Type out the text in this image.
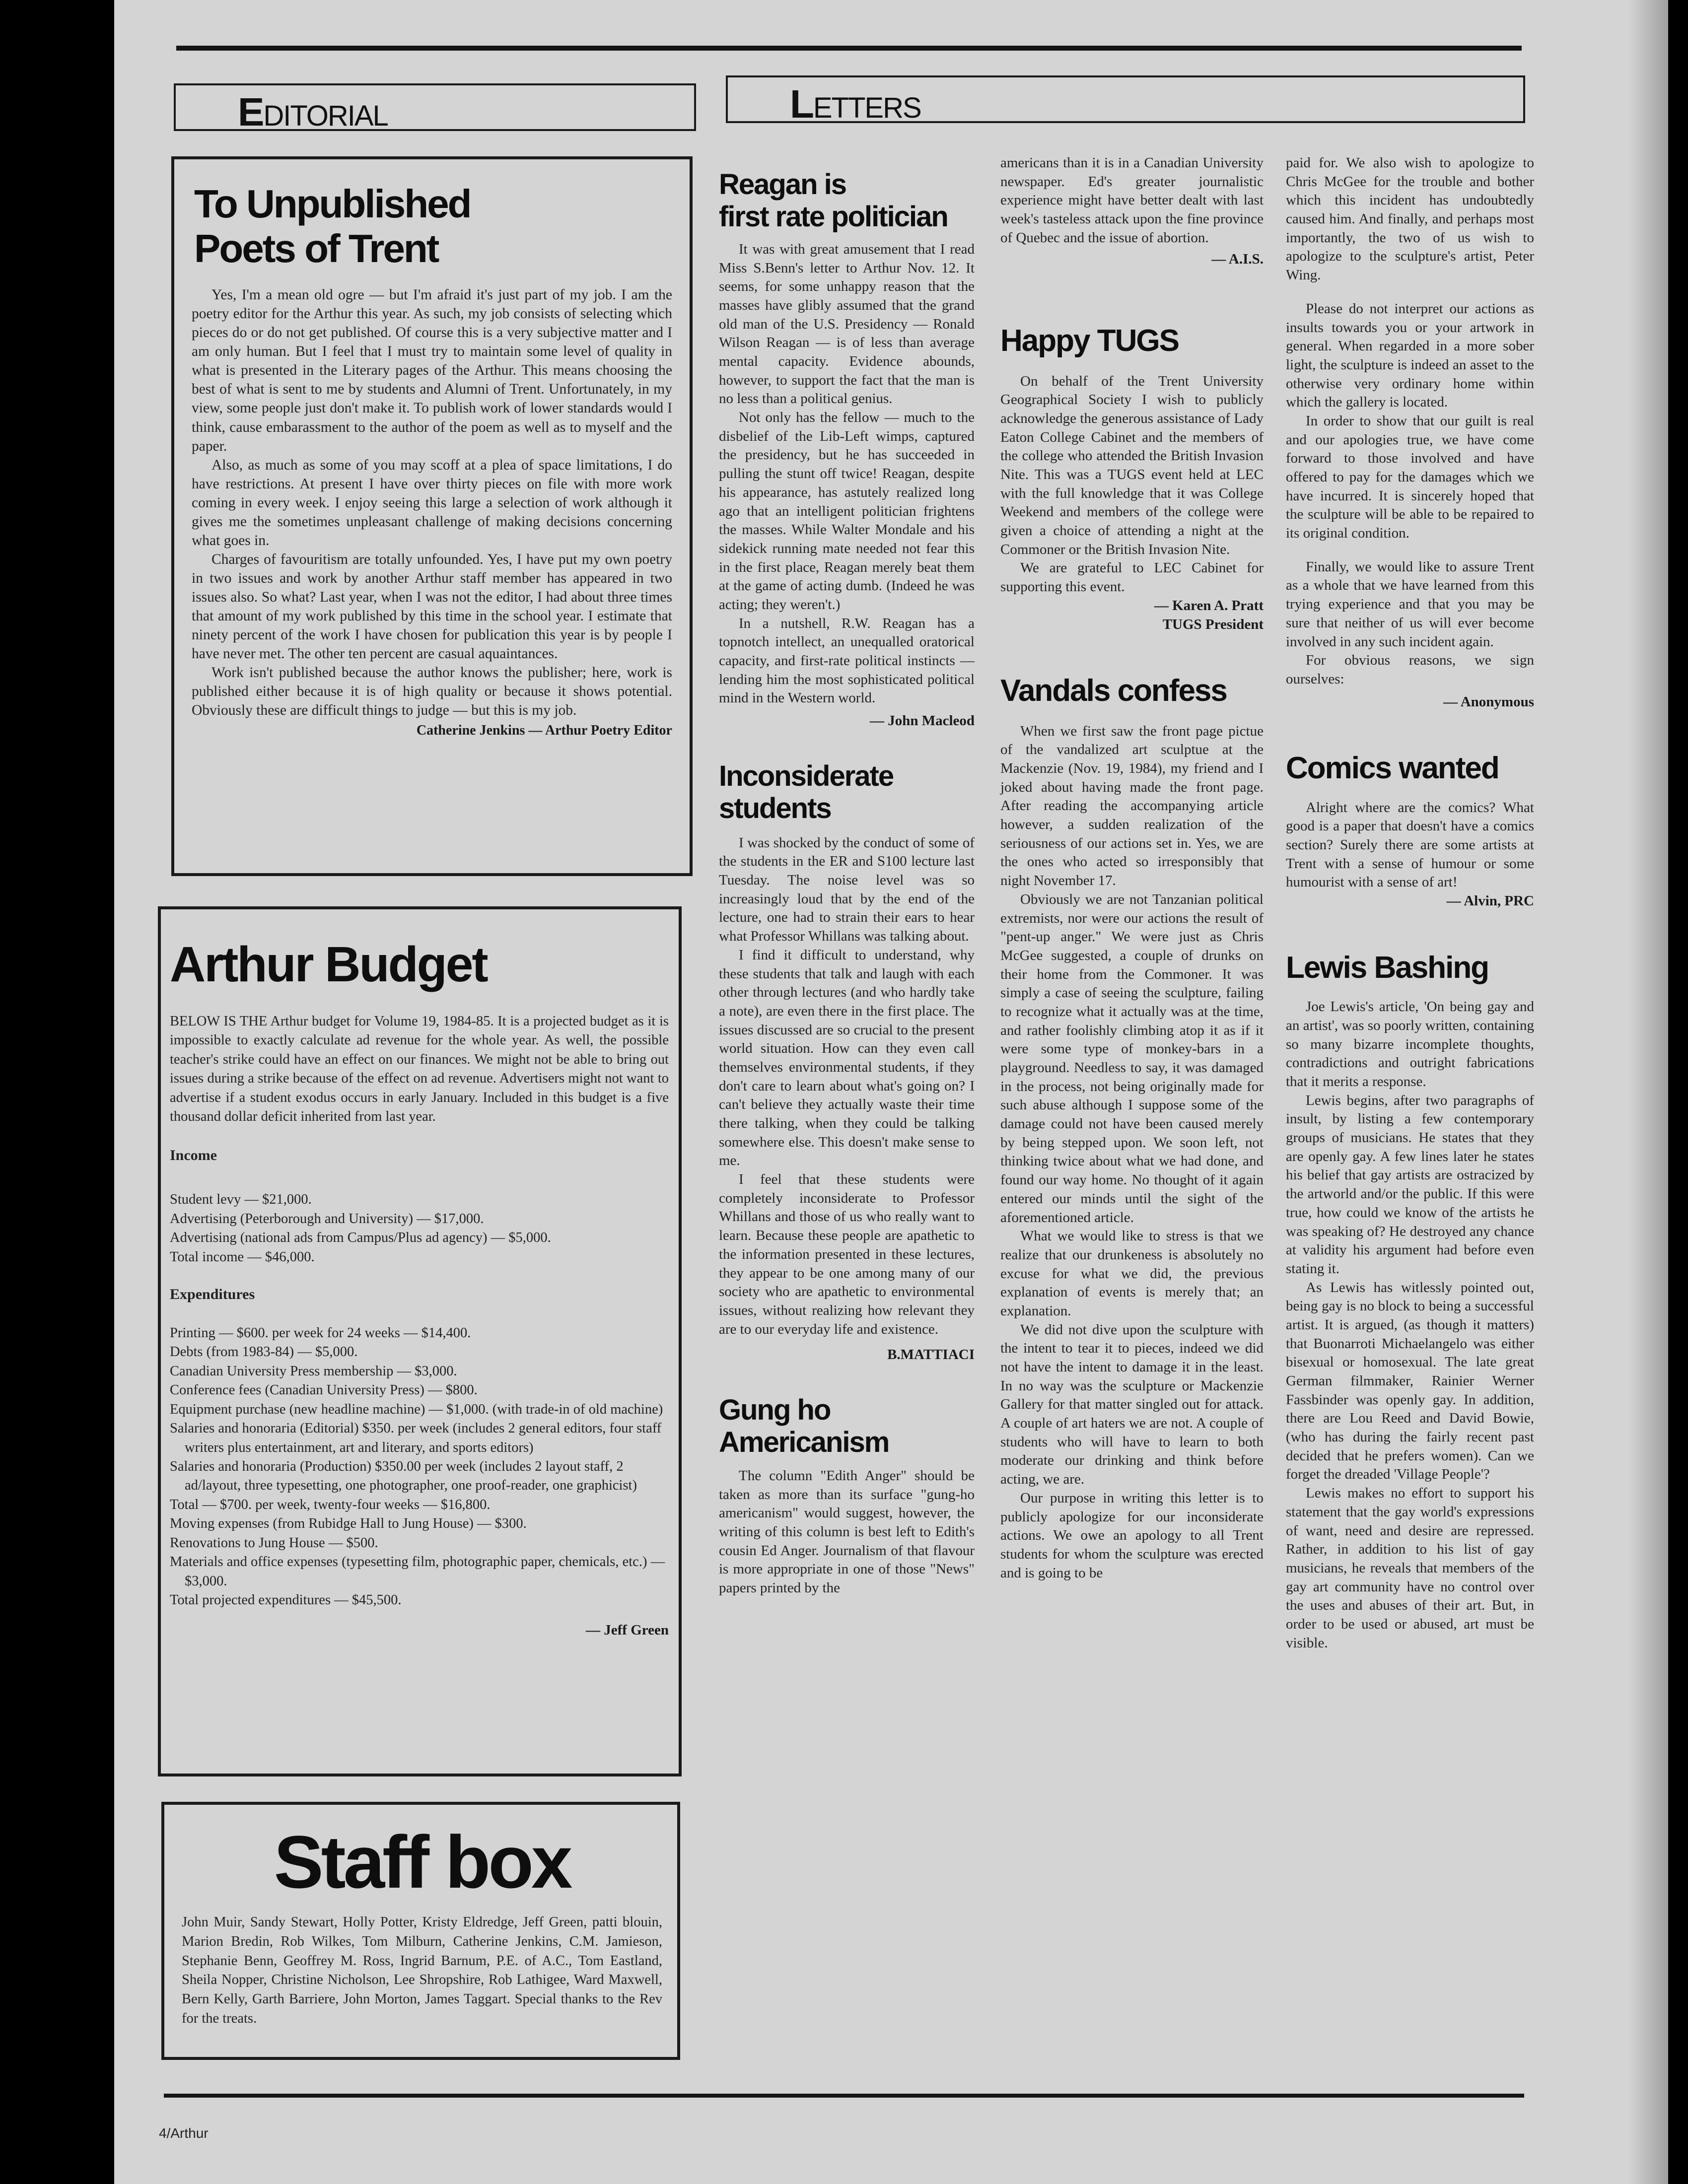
EDITORIAL	LETTERS
To Unpublished
Poets of Trent

Yes, I'm a mean old ogre — but I'm afraid it's just part of my job. I am the poetry editor for the Arthur this year. As such, my job consists of selecting which pieces do or do not get published. Of course this is a very subjective matter and I am only human. But I feel that I must try to maintain some level of quality in what is presented in the Literary pages of the Arthur. This means choosing the best of what is sent to me by students and Alumni of Trent. Unfortunately, in my view, some people just don't make it. To publish work of lower standards would I think, cause embarassment to the author of the poem as well as to myself and the paper.

Also, as much as some of you may scoff at a plea of space limitations, I do have restrictions. At present I have over thirty pieces on file with more work coming in every week. I enjoy seeing this large a selection of work although it gives me the sometimes unpleasant challenge of making decisions concerning what goes in.

Charges of favouritism are totally unfounded. Yes, I have put my own poetry in two issues and work by another Arthur staff member has appeared in two issues also. So what? Last year, when I was not the editor, I had about three times that amount of my work published by this time in the school year. I estimate that ninety percent of the work I have chosen for publication this year is by people I have never met. The other ten percent are casual aquaintances.

Work isn't published because the author knows the publisher; here, work is published either because it is of high quality or because it shows potential. Obviously these are difficult things to judge — but this is my job.

Catherine Jenkins — Arthur Poetry Editor
Arthur Budget

BELOW IS THE Arthur budget for Volume 19, 1984-85. It is a projected budget as it is impossible to exactly calculate ad revenue for the whole year. As well, the possible teacher's strike could have an effect on our finances. We might not be able to bring out issues during a strike because of the effect on ad revenue. Advertisers might not want to advertise if a student exodus occurs in early January. Included in this budget is a five thousand dollar deficit inherited from last year.

Income

Student levy — $21,000.

Advertising (Peterborough and University) — $17,000.

Advertising (national ads from Campus/Plus ad agency) — $5,000.

Total income — $46,000.

Expenditures

Printing — $600. per week for 24 weeks — $14,400.

Debts (from 1983-84) — $5,000.

Canadian University Press membership — $3,000.

Conference fees (Canadian University Press) — $800.

Equipment purchase (new headline machine) — $1,000. (with trade-in of old machine)

Salaries and honoraria (Editorial) $350. per week (includes 2 general editors, four staff writers plus entertainment, art and literary, and sports editors)

Salaries and honoraria (Production) $350.00 per week (includes 2 layout staff, 2 ad/layout, three typesetting, one photographer, one proof-reader, one graphicist)

Total — $700. per week, twenty-four weeks — $16,800.

Moving expenses (from Rubidge Hall to Jung House) — $300.

Renovations to Jung House — $500.

Materials and office expenses (typesetting film, photographic paper, chemicals, etc.) — $3,000.

Total projected expenditures — $45,500.

— Jeff Green
Staff box

John Muir, Sandy Stewart, Holly Potter, Kristy Eldredge, Jeff Green, patti blouin, Marion Bredin, Rob Wilkes, Tom Milburn, Catherine Jenkins, C.M. Jamieson, Stephanie Benn, Geoffrey M. Ross, Ingrid Barnum, P.E. of A.C., Tom Eastland, Sheila Nopper, Christine Nicholson, Lee Shropshire, Rob Lathigee, Ward Maxwell, Bern Kelly, Garth Barriere, John Morton, James Taggart. Special thanks to the Rev for the treats.

Reagan is
first rate politician

It was with great amusement that I read Miss S.Benn's letter to Arthur Nov. 12. It seems, for some unhappy reason that the masses have glibly assumed that the grand old man of the U.S. Presidency — Ronald Wilson Reagan — is of less than average mental capacity. Evidence abounds, however, to support the fact that the man is no less than a political genius.

Not only has the fellow — much to the disbelief of the Lib-Left wimps, captured the presidency, but he has succeeded in pulling the stunt off twice! Reagan, despite his appearance, has astutely realized long ago that an intelligent politician frightens the masses. While Walter Mondale and his sidekick running mate needed not fear this in the first place, Reagan merely beat them at the game of acting dumb. (Indeed he was acting; they weren't.)

In a nutshell, R.W. Reagan has a topnotch intellect, an unequalled oratorical capacity, and first-rate political instincts — lending him the most sophisticated political mind in the Western world.

— John Macleod
Inconsiderate
students

I was shocked by the conduct of some of the students in the ER and S100 lecture last Tuesday. The noise level was so increasingly loud that by the end of the lecture, one had to strain their ears to hear what Professor Whillans was talking about.

I find it difficult to understand, why these students that talk and laugh with each other through lectures (and who hardly take a note), are even there in the first place. The issues discussed are so crucial to the present world situation. How can they even call themselves environmental students, if they don't care to learn about what's going on? I can't believe they actually waste their time there talking, when they could be talking somewhere else. This doesn't make sense to me.

I feel that these students were completely inconsiderate to Professor Whillans and those of us who really want to learn. Because these people are apathetic to the information presented in these lectures, they appear to be one among many of our society who are apathetic to environmental issues, without realizing how relevant they are to our everyday life and existence.

B.MATTIACI
Gung ho
Americanism

The column "Edith Anger" should be taken as more than its surface "gung-ho americanism" would suggest, however, the writing of this column is best left to Edith's cousin Ed Anger. Journalism of that flavour is more appropriate in one of those "News" papers printed by the

americans than it is in a Canadian University newspaper. Ed's greater journalistic experience might have better dealt with last week's tasteless attack upon the fine province of Quebec and the issue of abortion.

— A.I.S.
Happy TUGS

On behalf of the Trent University Geographical Society I wish to publicly acknowledge the generous assistance of Lady Eaton College Cabinet and the members of the college who attended the British Invasion Nite. This was a TUGS event held at LEC with the full knowledge that it was College Weekend and members of the college were given a choice of attending a night at the Commoner or the British Invasion Nite.

We are grateful to LEC Cabinet for supporting this event.

— Karen A. Pratt
TUGS President
Vandals confess

When we first saw the front page pictue of the vandalized art sculptue at the Mackenzie (Nov. 19, 1984), my friend and I joked about having made the front page. After reading the accompanying article however, a sudden realization of the seriousness of our actions set in. Yes, we are the ones who acted so irresponsibly that night November 17.

Obviously we are not Tanzanian political extremists, nor were our actions the result of "pent-up anger." We were just as Chris McGee suggested, a couple of drunks on their home from the Commoner. It was simply a case of seeing the sculpture, failing to recognize what it actually was at the time, and rather foolishly climbing atop it as if it were some type of monkey-bars in a playground. Needless to say, it was damaged in the process, not being originally made for such abuse although I suppose some of the damage could not have been caused merely by being stepped upon. We soon left, not thinking twice about what we had done, and found our way home. No thought of it again entered our minds until the sight of the aforementioned article.

What we would like to stress is that we realize that our drunkeness is absolutely no excuse for what we did, the previous explanation of events is merely that; an explanation.

We did not dive upon the sculpture with the intent to tear it to pieces, indeed we did not have the intent to damage it in the least. In no way was the sculpture or Mackenzie Gallery for that matter singled out for attack. A couple of art haters we are not. A couple of students who will have to learn to both moderate our drinking and think before acting, we are.

Our purpose in writing this letter is to publicly apologize for our inconsiderate actions. We owe an apology to all Trent students for whom the sculpture was erected and is going to be

paid for. We also wish to apologize to Chris McGee for the trouble and bother which this incident has undoubtedly caused him. And finally, and perhaps most importantly, the two of us wish to apologize to the sculpture's artist, Peter Wing.

Please do not interpret our actions as insults towards you or your artwork in general. When regarded in a more sober light, the sculpture is indeed an asset to the otherwise very ordinary home within which the gallery is located.

In order to show that our guilt is real and our apologies true, we have come forward to those involved and have offered to pay for the damages which we have incurred. It is sincerely hoped that the sculpture will be able to be repaired to its original condition.

Finally, we would like to assure Trent as a whole that we have learned from this trying experience and that you may be sure that neither of us will ever become involved in any such incident again.

For obvious reasons, we sign ourselves:

— Anonymous
Comics wanted

Alright where are the comics? What good is a paper that doesn't have a comics section? Surely there are some artists at Trent with a sense of humour or some humourist with a sense of art!

— Alvin, PRC
Lewis Bashing

Joe Lewis's article, 'On being gay and an artist', was so poorly written, containing so many bizarre incomplete thoughts, contradictions and outright fabrications that it merits a response.

Lewis begins, after two paragraphs of insult, by listing a few contemporary groups of musicians. He states that they are openly gay. A few lines later he states his belief that gay artists are ostracized by the artworld and/or the public. If this were true, how could we know of the artists he was speaking of? He destroyed any chance at validity his argument had before even stating it.

As Lewis has witlessly pointed out, being gay is no block to being a successful artist. It is argued, (as though it matters) that Buonarroti Michaelangelo was either bisexual or homosexual. The late great German filmmaker, Rainier Werner Fassbinder was openly gay. In addition, there are Lou Reed and David Bowie, (who has during the fairly recent past decided that he prefers women). Can we forget the dreaded 'Village People'?

Lewis makes no effort to support his statement that the gay world's expressions of want, need and desire are repressed. Rather, in addition to his list of gay musicians, he reveals that members of the gay art community have no control over the uses and abuses of their art. But, in order to be used or abused, art must be visible.

4/Arthur
